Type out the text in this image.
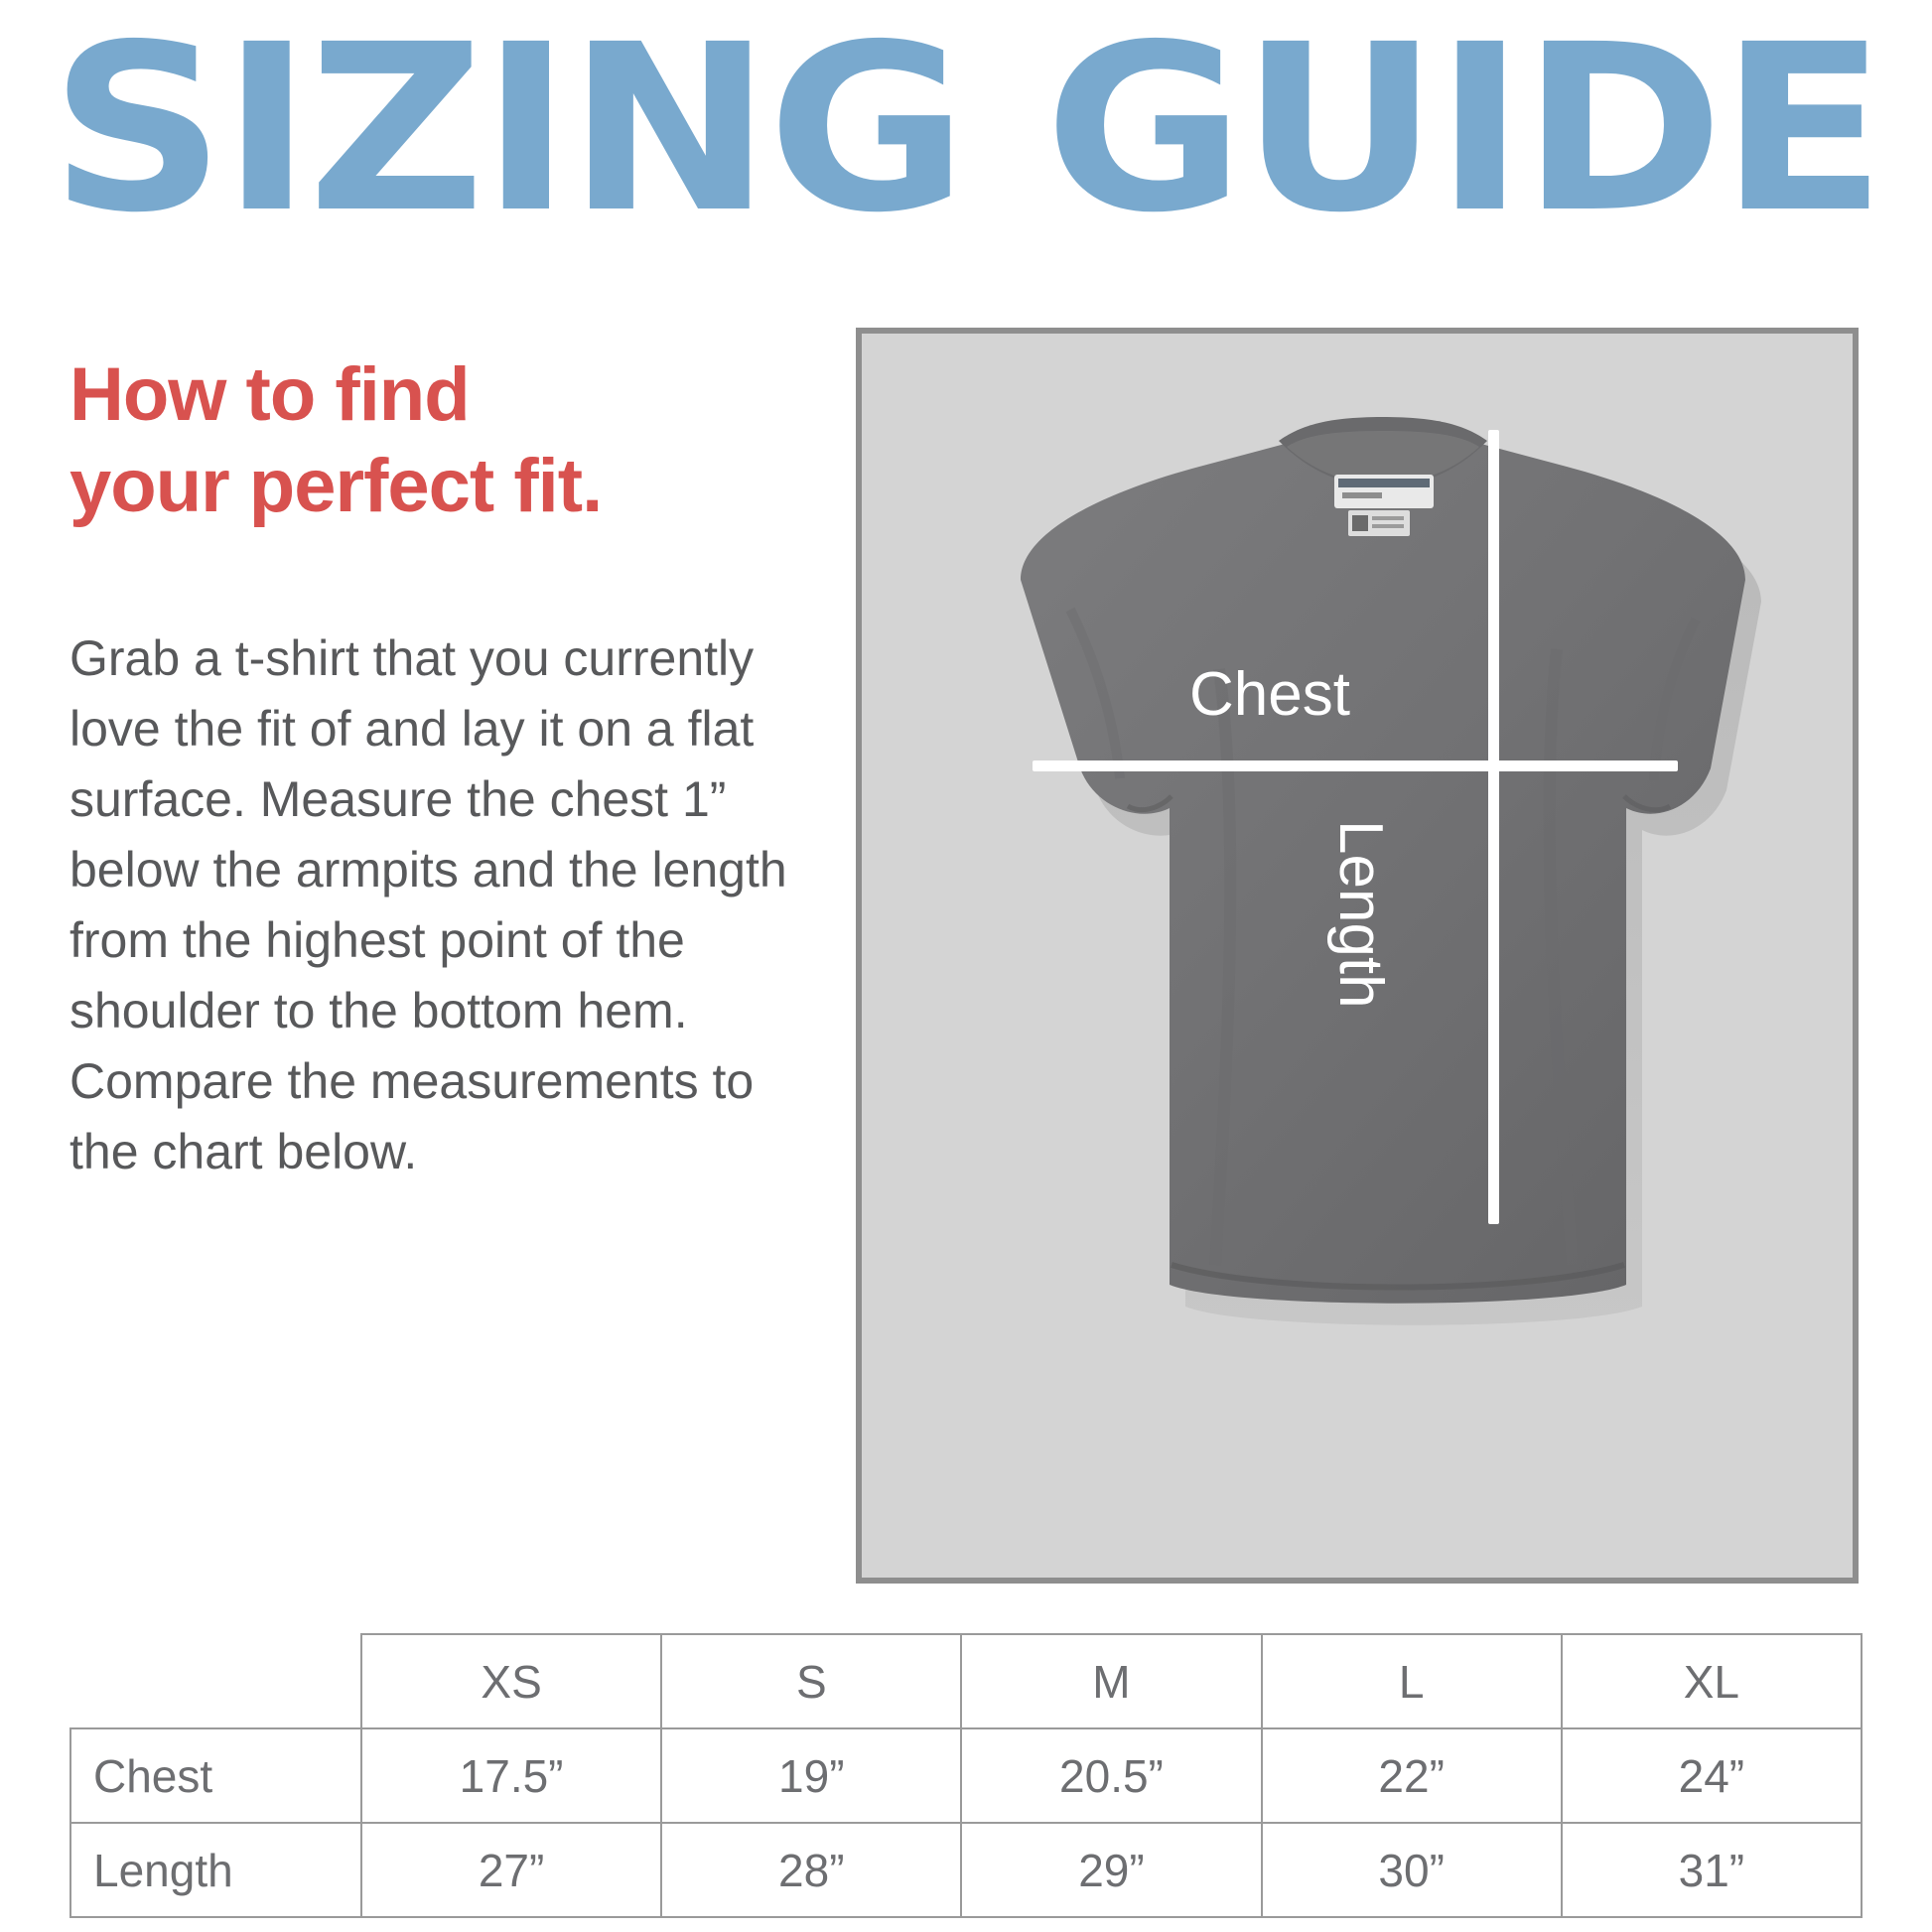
SIZING GUIDE
How to find
your perfect fit.

Grab a t-shirt that you currently love the fit of and lay it on a flat surface. Measure the chest 1” below the armpits and the length from the highest point of the shoulder to the bottom hem. Compare the measurements to the chart below.

Chest
Length
	XS	S	M	L	XL
Chest	17.5”	19”	20.5”	22”	24”
Length	27”	28”	29”	30”	31”
